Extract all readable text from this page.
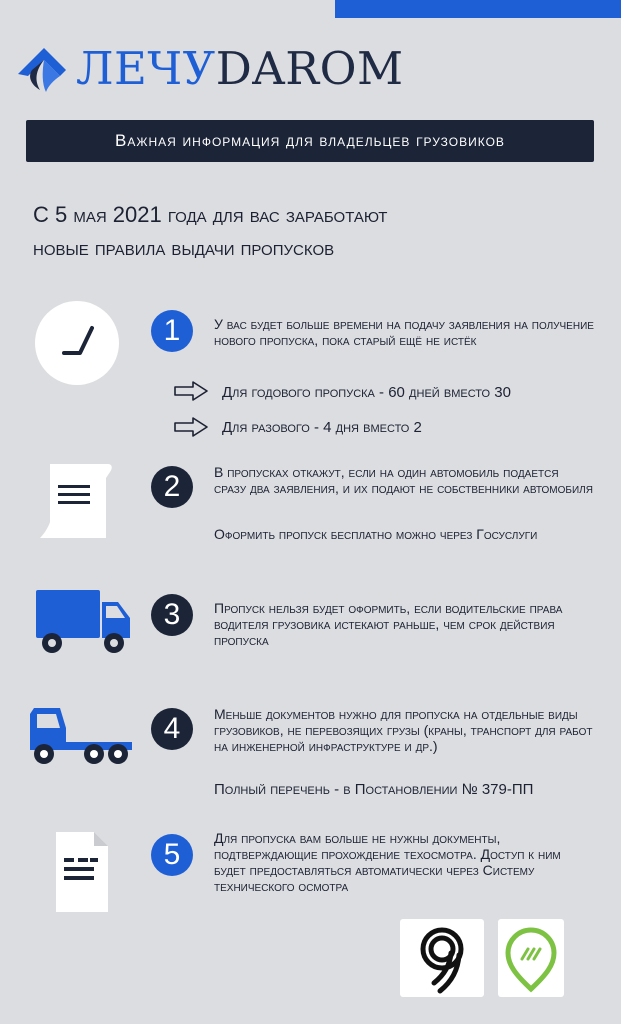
ЛЕЧУDAROM
Важная информация для владельцев грузовиков
С 5 мая 2021 года для вас заработают
новые правила выдачи пропусков
1	У вас будет больше времени на подачу заявления на получение нового пропуска, пока старый ещё не истёк
Для годового пропуска - 60 дней вместо 30
Для разового - 4 дня вместо 2
2	В пропусках откажут, если на один автомобиль подается сразу два заявления, и их подают не собственники автомобиля
Оформить пропуск бесплатно можно через Госуслуги
3	Пропуск нельзя будет оформить, если водительские права водителя грузовика истекают раньше, чем срок действия пропуска
4	Меньше документов нужно для пропуска на отдельные виды грузовиков, не перевозящих грузы (краны, транспорт для работ на инженерной инфраструктуре и др.)
Полный перечень - в Постановлении № 379-ПП
5	Для пропуска вам больше не нужны документы, подтверждающие прохождение техосмотра. Доступ к ним будет предоставляться автоматически через Систему технического осмотра
